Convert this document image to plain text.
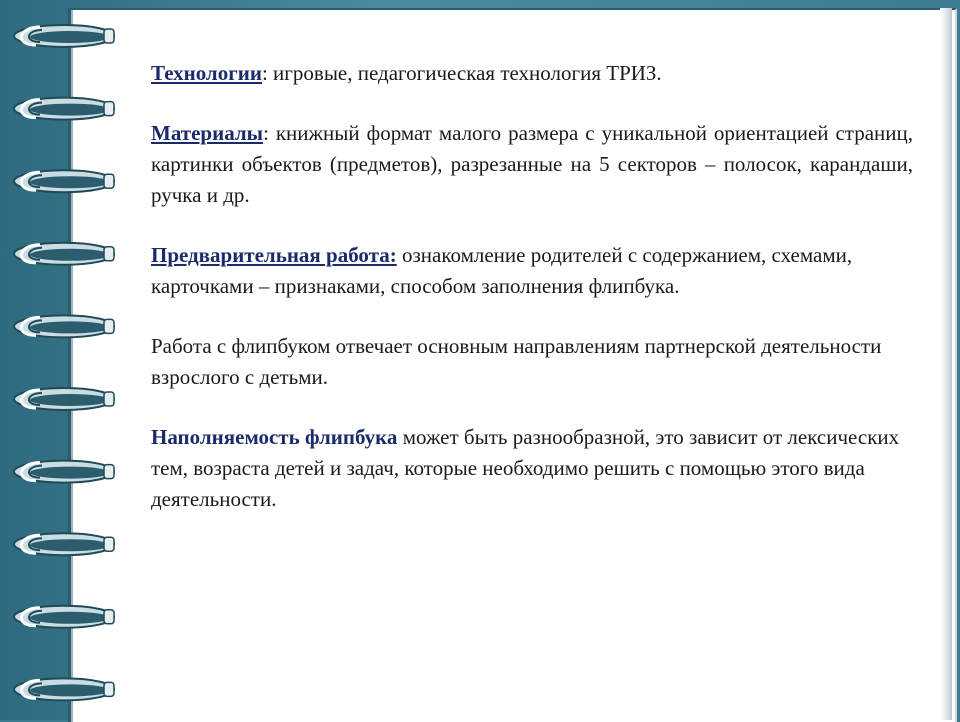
Технологии: игровые, педагогическая технология ТРИЗ.

Материалы: книжный формат малого размера с уникальной ориентацией страниц, картинки объектов (предметов), разрезанные на 5 секторов – полосок, карандаши, ручка и др.

Предварительная работа: ознакомление родителей с содержанием, схемами, карточками – признаками, способом заполнения флипбука.

Работа с флипбуком отвечает основным направлениям партнерской деятельности взрослого с детьми.

Наполняемость флипбука может быть разнообразной, это зависит от лексических тем, возраста детей и задач, которые необходимо решить с помощью этого вида деятельности.
